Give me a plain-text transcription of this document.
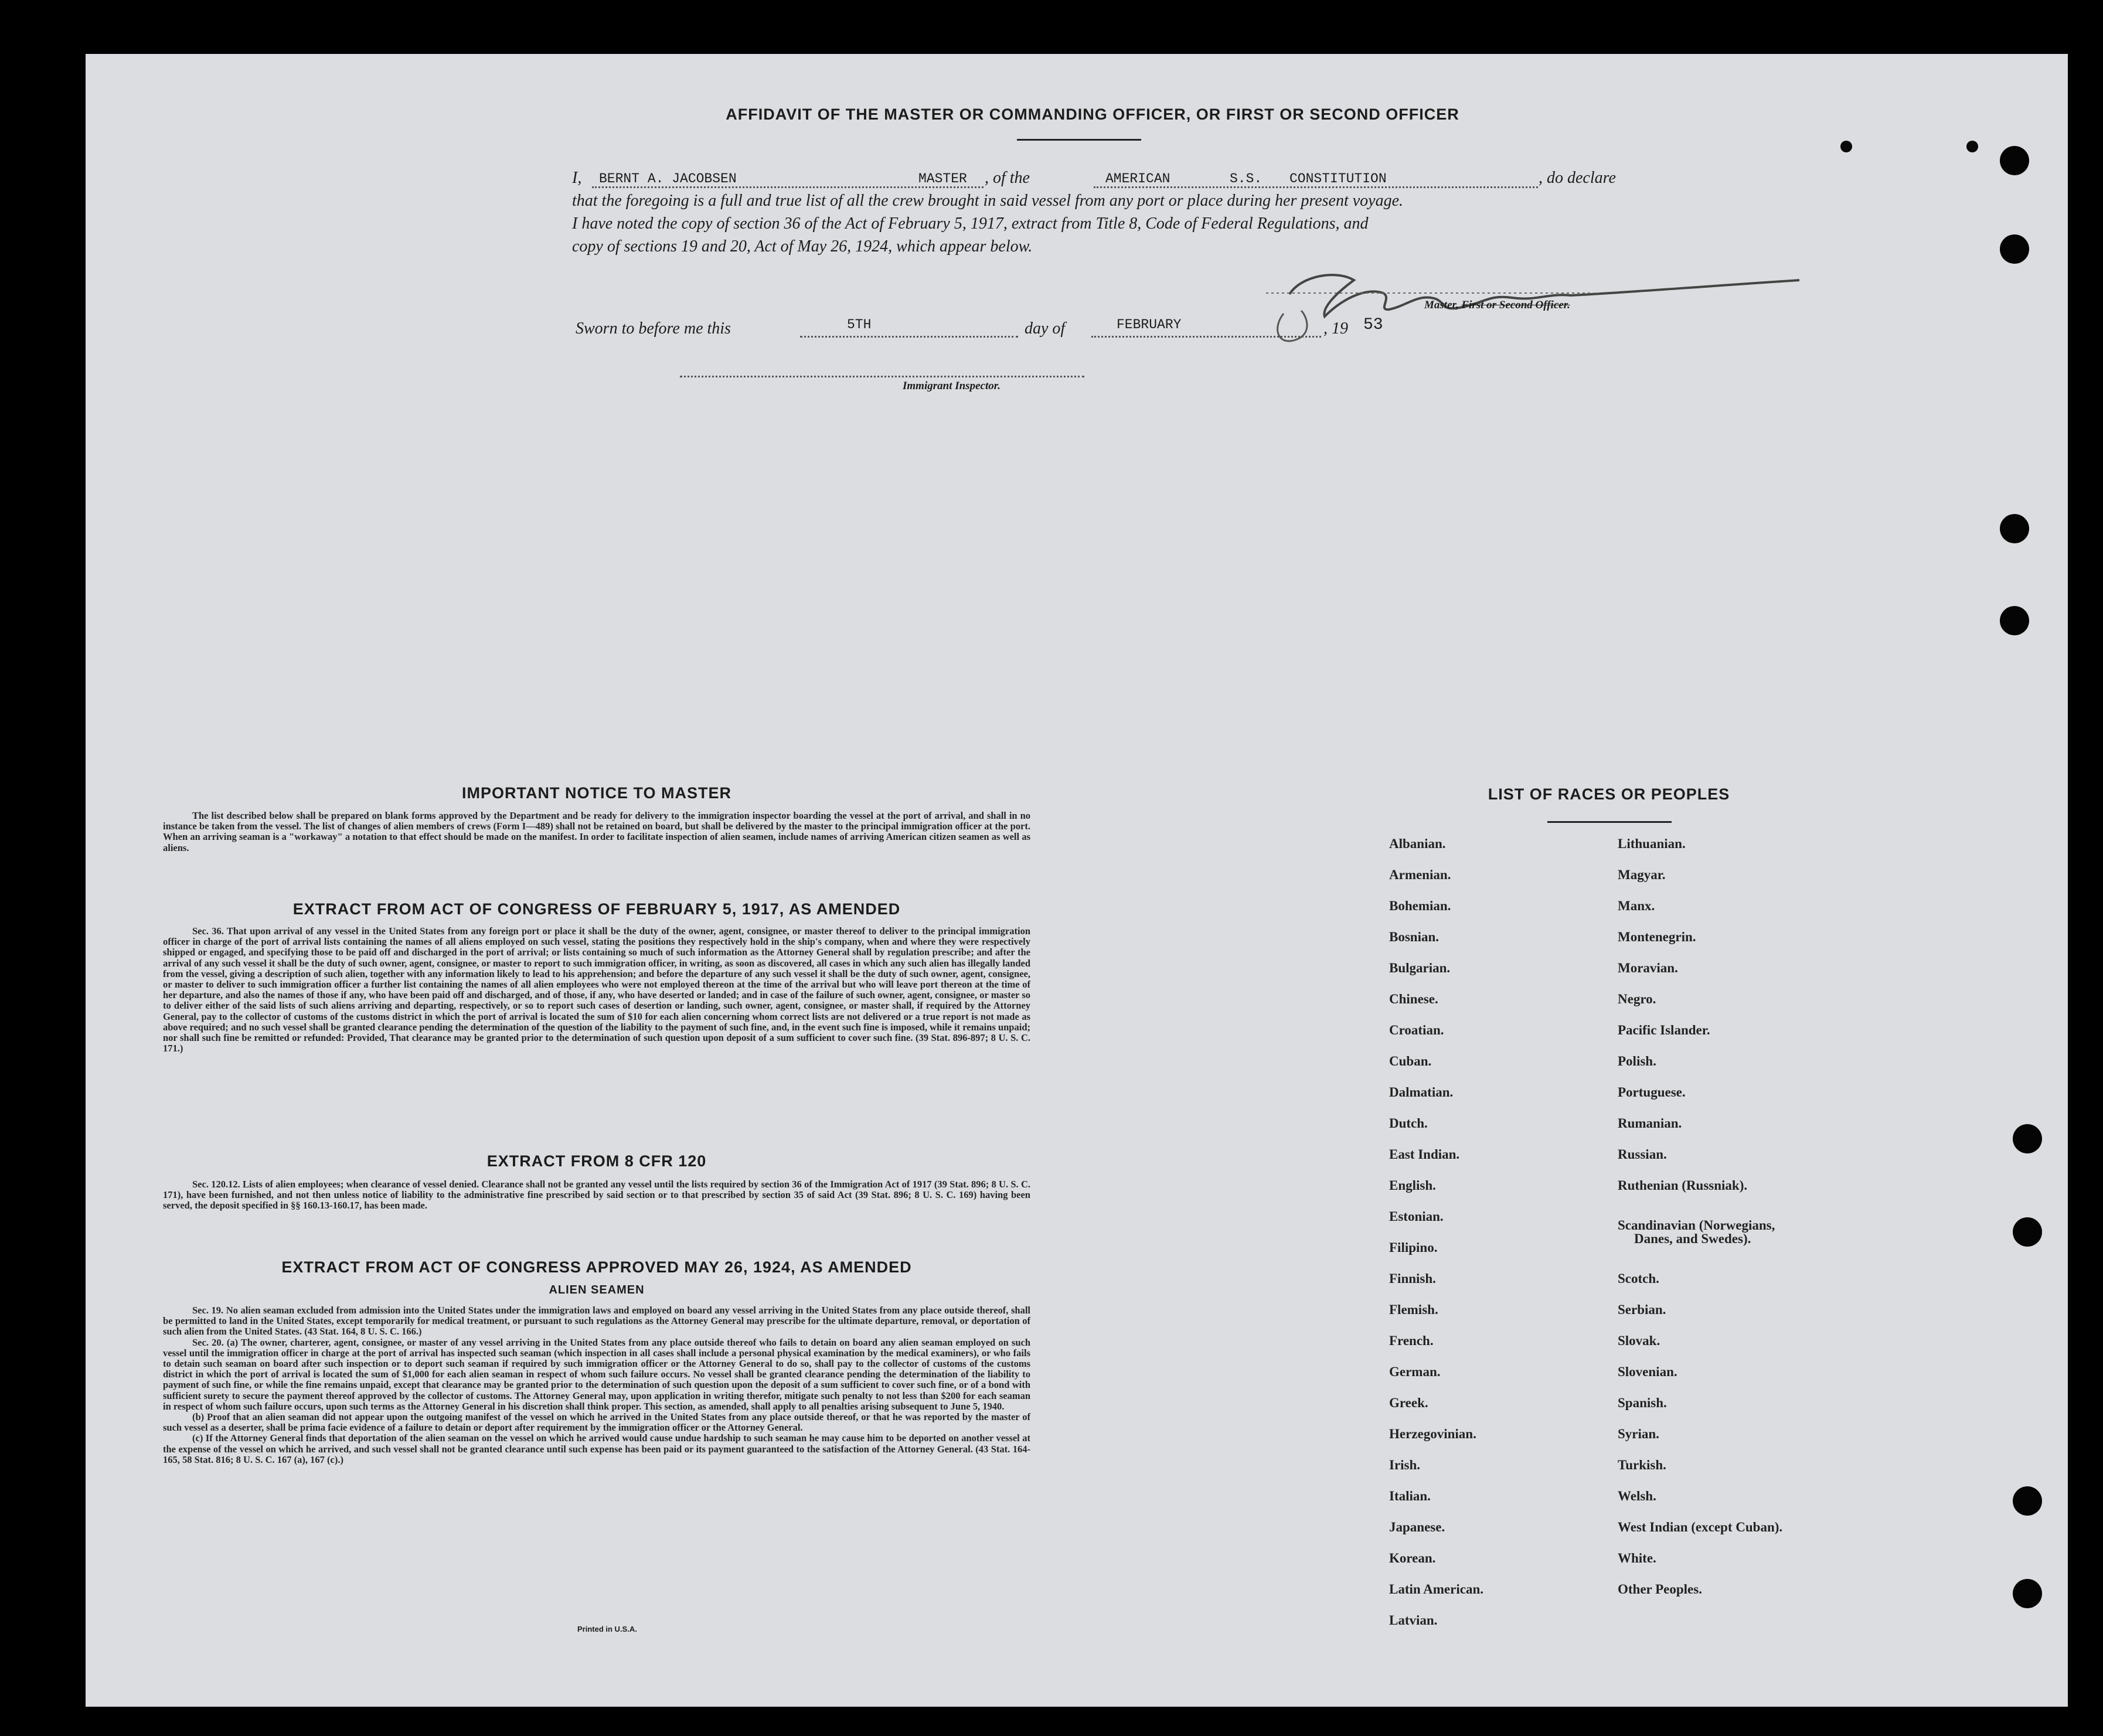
AFFIDAVIT OF THE MASTER OR COMMANDING OFFICER, OR FIRST OR SECOND OFFICER
I, BERNT A. JACOBSEN	MASTER , of the	AMERICAN	S.S. CONSTITUTION	, do declare
that the foregoing is a full and true list of all the crew brought in said vessel from any port or place during her present voyage.
I have noted the copy of section 36 of the Act of February 5, 1917, extract from Title 8, Code of Federal Regulations, and
copy of sections 19 and 20, Act of May 26, 1924, which appear below.
Master, First or Second Officer.
Sworn to before me this	5TH	day of	FEBRUARY	, 19 53
Immigrant Inspector.
IMPORTANT NOTICE TO MASTER
The list described below shall be prepared on blank forms approved by the Department and be ready for delivery to the immigration inspector boarding the vessel at the port of arrival, and shall in no instance be taken from the vessel. The list of changes of alien members of crews (Form I—489) shall not be retained on board, but shall be delivered by the master to the principal immigration officer at the port. When an arriving seaman is a "workaway" a notation to that effect should be made on the manifest. In order to facilitate inspection of alien seamen, include names of arriving American citizen seamen as well as aliens.
EXTRACT FROM ACT OF CONGRESS OF FEBRUARY 5, 1917, AS AMENDED
Sec. 36. That upon arrival of any vessel in the United States from any foreign port or place it shall be the duty of the owner, agent, consignee, or master thereof to deliver to the principal immigration officer in charge of the port of arrival lists containing the names of all aliens employed on such vessel, stating the positions they respectively hold in the ship's company, when and where they were respectively shipped or engaged, and specifying those to be paid off and discharged in the port of arrival; or lists containing so much of such information as the Attorney General shall by regulation prescribe; and after the arrival of any such vessel it shall be the duty of such owner, agent, consignee, or master to report to such immigration officer, in writing, as soon as discovered, all cases in which any such alien has illegally landed from the vessel, giving a description of such alien, together with any information likely to lead to his apprehension; and before the departure of any such vessel it shall be the duty of such owner, agent, consignee, or master to deliver to such immigration officer a further list containing the names of all alien employees who were not employed thereon at the time of the arrival but who will leave port thereon at the time of her departure, and also the names of those if any, who have been paid off and discharged, and of those, if any, who have deserted or landed; and in case of the failure of such owner, agent, consignee, or master so to deliver either of the said lists of such aliens arriving and departing, respectively, or so to report such cases of desertion or landing, such owner, agent, consignee, or master shall, if required by the Attorney General, pay to the collector of customs of the customs district in which the port of arrival is located the sum of $10 for each alien concerning whom correct lists are not delivered or a true report is not made as above required; and no such vessel shall be granted clearance pending the determination of the question of the liability to the payment of such fine, and, in the event such fine is imposed, while it remains unpaid; nor shall such fine be remitted or refunded: Provided, That clearance may be granted prior to the determination of such question upon deposit of a sum sufficient to cover such fine. (39 Stat. 896-897; 8 U. S. C. 171.)
EXTRACT FROM 8 CFR 120
Sec. 120.12. Lists of alien employees; when clearance of vessel denied. Clearance shall not be granted any vessel until the lists required by section 36 of the Immigration Act of 1917 (39 Stat. 896; 8 U. S. C. 171), have been furnished, and not then unless notice of liability to the administrative fine prescribed by said section or to that prescribed by section 35 of said Act (39 Stat. 896; 8 U. S. C. 169) having been served, the deposit specified in §§ 160.13-160.17, has been made.
EXTRACT FROM ACT OF CONGRESS APPROVED MAY 26, 1924, AS AMENDED
ALIEN SEAMEN
Sec. 19. No alien seaman excluded from admission into the United States under the immigration laws and employed on board any vessel arriving in the United States from any place outside thereof, shall be permitted to land in the United States, except temporarily for medical treatment, or pursuant to such regulations as the Attorney General may prescribe for the ultimate departure, removal, or deportation of such alien from the United States. (43 Stat. 164, 8 U. S. C. 166.)
Sec. 20. (a) The owner, charterer, agent, consignee, or master of any vessel arriving in the United States from any place outside thereof who fails to detain on board any alien seaman employed on such vessel until the immigration officer in charge at the port of arrival has inspected such seaman (which inspection in all cases shall include a personal physical examination by the medical examiners), or who fails to detain such seaman on board after such inspection or to deport such seaman if required by such immigration officer or the Attorney General to do so, shall pay to the collector of customs of the customs district in which the port of arrival is located the sum of $1,000 for each alien seaman in respect of whom such failure occurs. No vessel shall be granted clearance pending the determination of the liability to payment of such fine, or while the fine remains unpaid, except that clearance may be granted prior to the determination of such question upon the deposit of a sum sufficient to cover such fine, or of a bond with sufficient surety to secure the payment thereof approved by the collector of customs. The Attorney General may, upon application in writing therefor, mitigate such penalty to not less than $200 for each seaman in respect of whom such failure occurs, upon such terms as the Attorney General in his discretion shall think proper. This section, as amended, shall apply to all penalties arising subsequent to June 5, 1940.
(b) Proof that an alien seaman did not appear upon the outgoing manifest of the vessel on which he arrived in the United States from any place outside thereof, or that he was reported by the master of such vessel as a deserter, shall be prima facie evidence of a failure to detain or deport after requirement by the immigration officer or the Attorney General.
(c) If the Attorney General finds that deportation of the alien seaman on the vessel on which he arrived would cause undue hardship to such seaman he may cause him to be deported on another vessel at the expense of the vessel on which he arrived, and such vessel shall not be granted clearance until such expense has been paid or its payment guaranteed to the satisfaction of the Attorney General. (43 Stat. 164-165, 58 Stat. 816; 8 U. S. C. 167 (a), 167 (c).)
Printed in U.S.A.
LIST OF RACES OR PEOPLES
Albanian.
Armenian.
Bohemian.
Bosnian.
Bulgarian.
Chinese.
Croatian.
Cuban.
Dalmatian.
Dutch.
East Indian.
English.
Estonian.
Filipino.
Finnish.
Flemish.
French.
German.
Greek.
Herzegovinian.
Irish.
Italian.
Japanese.
Korean.
Latin American.
Latvian.
Lithuanian.
Magyar.
Manx.
Montenegrin.
Moravian.
Negro.
Pacific Islander.
Polish.
Portuguese.
Rumanian.
Russian.
Ruthenian (Russniak).
Scandinavian (Norwegians,
Danes, and Swedes).
Scotch.
Serbian.
Slovak.
Slovenian.
Spanish.
Syrian.
Turkish.
Welsh.
West Indian (except Cuban).
White.
Other Peoples.
